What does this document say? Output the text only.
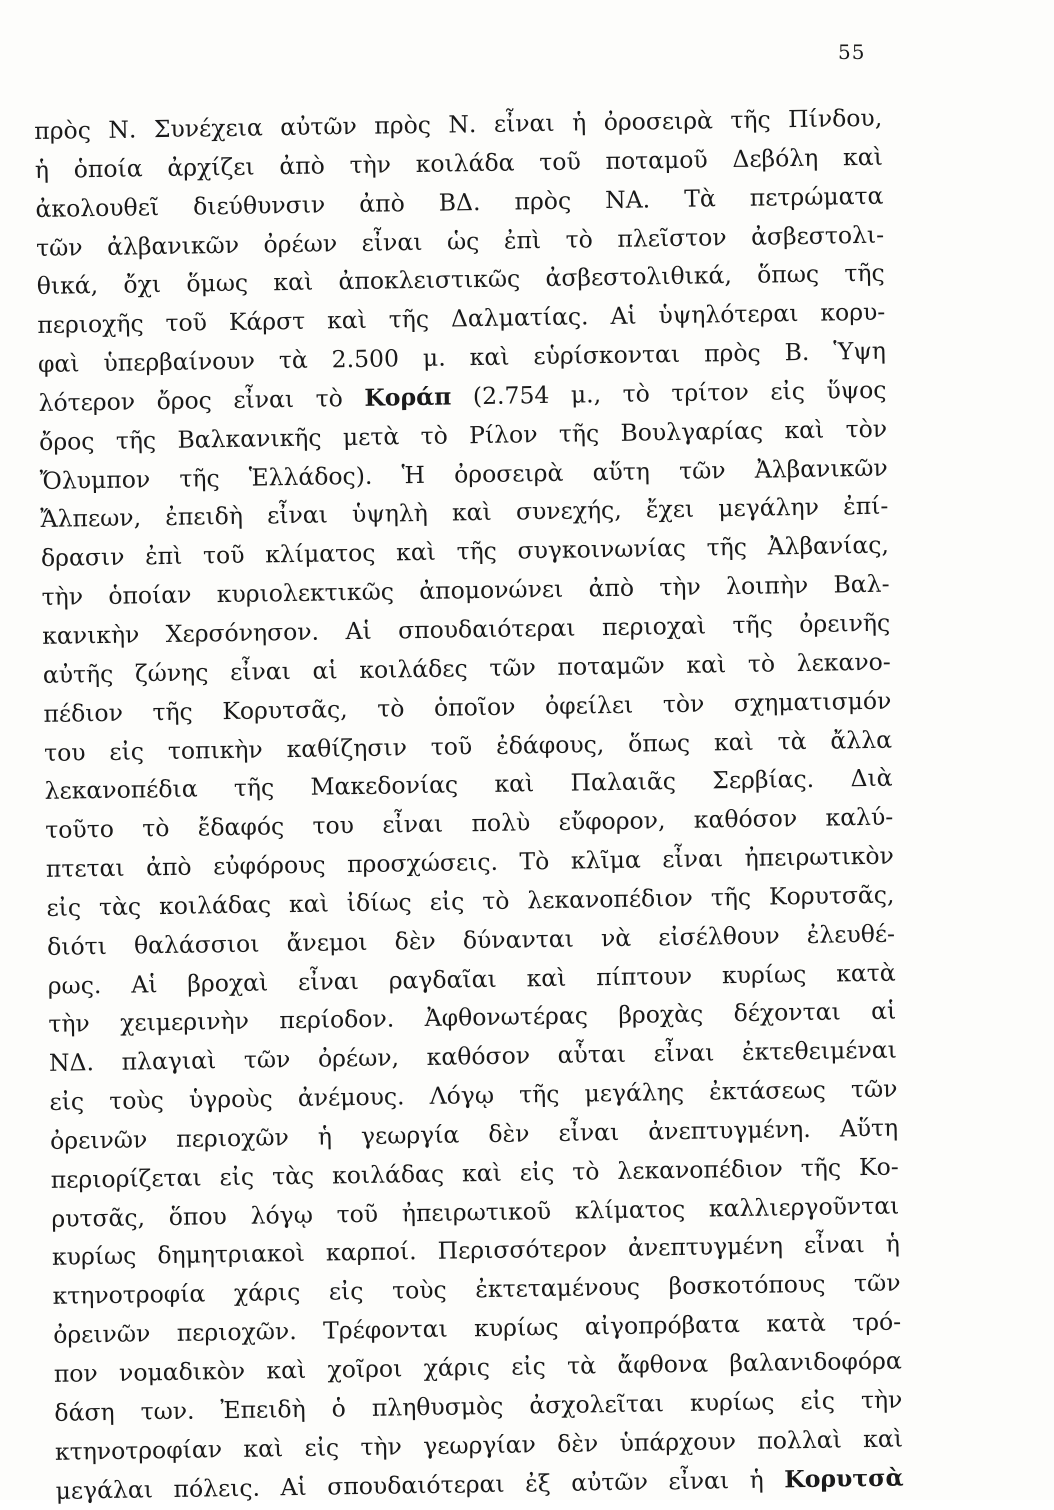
55
πρὸς Ν. Συνέχεια αὐτῶν πρὸς Ν. εἶναι ἡ ὀροσειρὰ τῆς Πίνδου,
ἡ ὁποία ἀρχίζει ἀπὸ τὴν κοιλάδα τοῦ ποταμοῦ Δεβόλη καὶ
ἀκολουθεῖ διεύθυνσιν ἀπὸ ΒΔ. πρὸς ΝΑ. Τὰ πετρώματα
τῶν ἀλβανικῶν ὀρέων εἶναι ὡς ἐπὶ τὸ πλεῖστον ἀσβεστολι-
θικά, ὄχι ὅμως καὶ ἀποκλειστικῶς ἀσβεστολιθικά, ὅπως τῆς
περιοχῆς τοῦ Κάρστ καὶ τῆς Δαλματίας. Αἱ ὑψηλότεραι κορυ-
φαὶ ὑπερβαίνουν τὰ 2.500 μ. καὶ εὑρίσκονται πρὸς Β. Ὑψη
λότερον ὄρος εἶναι τὸ Κοράπ (2.754 μ., τὸ τρίτον εἰς ὕψος
ὄρος τῆς Βαλκανικῆς μετὰ τὸ Ρίλον τῆς Βουλγαρίας καὶ τὸν
Ὄλυμπον τῆς Ἑλλάδος). Ἡ ὀροσειρὰ αὕτη τῶν Ἀλβανικῶν
Ἄλπεων, ἐπειδὴ εἶναι ὑψηλὴ καὶ συνεχής, ἔχει μεγάλην ἐπί-
δρασιν ἐπὶ τοῦ κλίματος καὶ τῆς συγκοινωνίας τῆς Ἀλβανίας,
τὴν ὁποίαν κυριολεκτικῶς ἀπομονώνει ἀπὸ τὴν λοιπὴν Βαλ-
κανικὴν Χερσόνησον. Αἱ σπουδαιότεραι περιοχαὶ τῆς ὀρεινῆς
αὐτῆς ζώνης εἶναι αἱ κοιλάδες τῶν ποταμῶν καὶ τὸ λεκανο-
πέδιον τῆς Κορυτσᾶς, τὸ ὁποῖον ὀφείλει τὸν σχηματισμόν
του εἰς τοπικὴν καθίζησιν τοῦ ἐδάφους, ὅπως καὶ τὰ ἄλλα
λεκανοπέδια τῆς Μακεδονίας καὶ Παλαιᾶς Σερβίας. Διὰ
τοῦτο τὸ ἔδαφός του εἶναι πολὺ εὔφορον, καθόσον καλύ-
πτεται ἀπὸ εὐφόρους προσχώσεις. Τὸ κλῖμα εἶναι ἠπειρωτικὸν
εἰς τὰς κοιλάδας καὶ ἰδίως εἰς τὸ λεκανοπέδιον τῆς Κορυτσᾶς,
διότι θαλάσσιοι ἄνεμοι δὲν δύνανται νὰ εἰσέλθουν ἐλευθέ-
ρως. Αἱ βροχαὶ εἶναι ραγδαῖαι καὶ πίπτουν κυρίως κατὰ
τὴν χειμερινὴν περίοδον. Ἀφθονωτέρας βροχὰς δέχονται αἱ
ΝΔ. πλαγιαὶ τῶν ὀρέων, καθόσον αὗται εἶναι ἐκτεθειμέναι
εἰς τοὺς ὑγροὺς ἀνέμους. Λόγῳ τῆς μεγάλης ἐκτάσεως τῶν
ὀρεινῶν περιοχῶν ἡ γεωργία δὲν εἶναι ἀνεπτυγμένη. Αὕτη
περιορίζεται εἰς τὰς κοιλάδας καὶ εἰς τὸ λεκανοπέδιον τῆς Κο-
ρυτσᾶς, ὅπου λόγῳ τοῦ ἠπειρωτικοῦ κλίματος καλλιεργοῦνται
κυρίως δημητριακοὶ καρποί. Περισσότερον ἀνεπτυγμένη εἶναι ἡ
κτηνοτροφία χάρις εἰς τοὺς ἐκτεταμένους βοσκοτόπους τῶν
ὀρεινῶν περιοχῶν. Τρέφονται κυρίως αἰγοπρόβατα κατὰ τρό-
πον νομαδικὸν καὶ χοῖροι χάρις εἰς τὰ ἄφθονα βαλανιδοφόρα
δάση των. Ἐπειδὴ ὁ πληθυσμὸς ἀσχολεῖται κυρίως εἰς τὴν
κτηνοτροφίαν καὶ εἰς τὴν γεωργίαν δὲν ὑπάρχουν πολλαὶ καὶ
μεγάλαι πόλεις. Αἱ σπουδαιότεραι ἐξ αὐτῶν εἶναι ἡ Κορυτσὰ
